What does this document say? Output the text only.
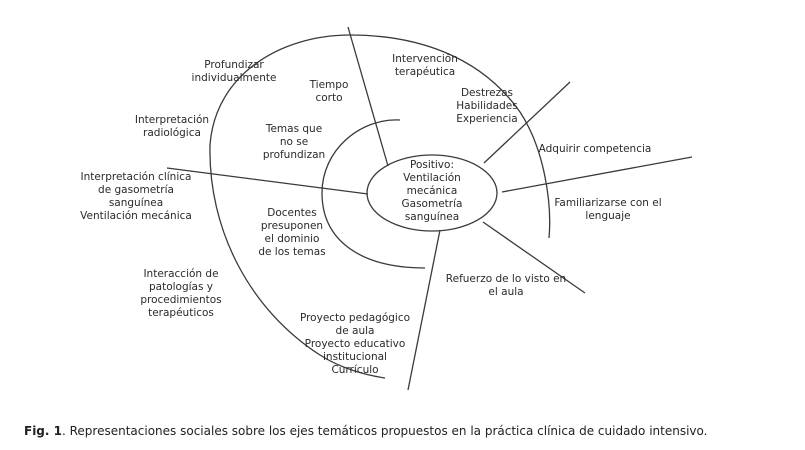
Positivo:
Ventilación
mecánica
Gasometría
sanguínea
Profundizar
individualmente
Intervención
terapéutica
Tiempo
corto	Destrezas
Habilidades
Experiencia
Interpretación
radiológica	Temas que
no se
profundizan	Adquirir competencia
Interpretación clínica
de gasometría
sanguínea
Ventilación mecánica
Familiarizarse con el
lenguaje
Docentes
presuponen
el dominio
de los temas
Refuerzo de lo visto en
el aula
Interacción de
patologías y
procedimientos
terapéuticos	Proyecto pedagógico
de aula
Proyecto educativo
institucional
Currículo
Fig. 1. Representaciones sociales sobre los ejes temáticos propuestos en la práctica clínica de cuidado intensivo.
